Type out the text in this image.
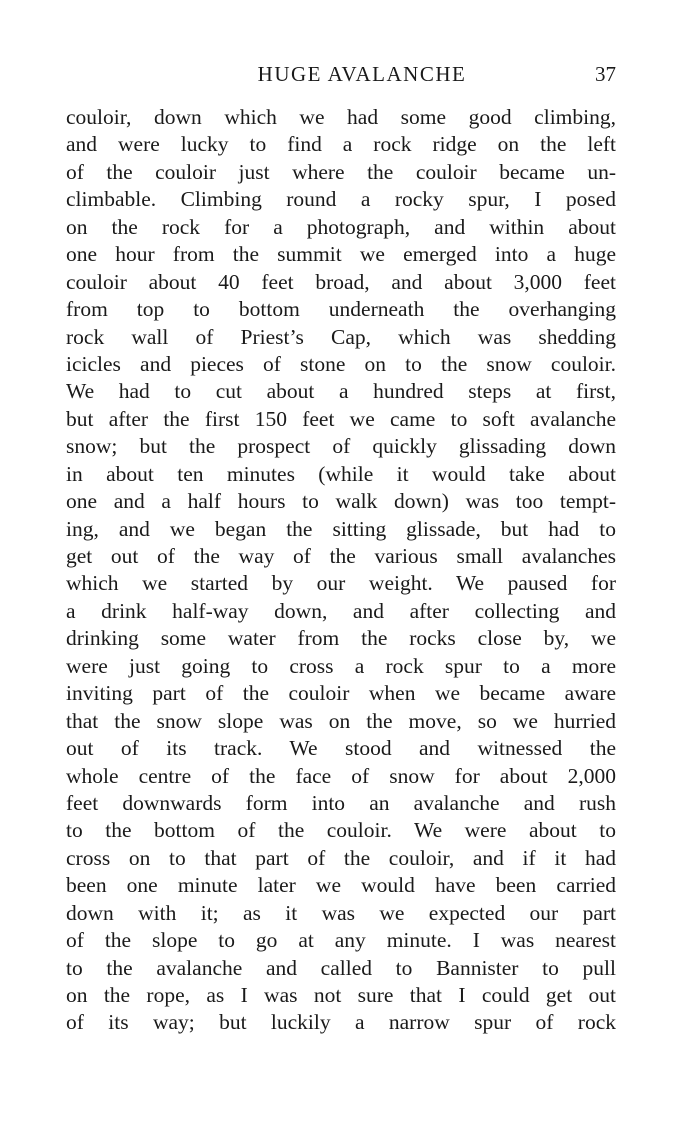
HUGE AVALANCHE	37
couloir, down which we had some good climbing,
and were lucky to find a rock ridge on the left
of the couloir just where the couloir became un-
climbable. Climbing round a rocky spur, I posed
on the rock for a photograph, and within about
one hour from the summit we emerged into a huge
couloir about 40 feet broad, and about 3,000 feet
from top to bottom underneath the overhanging
rock wall of Priest’s Cap, which was shedding
icicles and pieces of stone on to the snow couloir.
We had to cut about a hundred steps at first,
but after the first 150 feet we came to soft avalanche
snow; but the prospect of quickly glissading down
in about ten minutes (while it would take about
one and a half hours to walk down) was too tempt-
ing, and we began the sitting glissade, but had to
get out of the way of the various small avalanches
which we started by our weight. We paused for
a drink half-way down, and after collecting and
drinking some water from the rocks close by, we
were just going to cross a rock spur to a more
inviting part of the couloir when we became aware
that the snow slope was on the move, so we hurried
out of its track. We stood and witnessed the
whole centre of the face of snow for about 2,000
feet downwards form into an avalanche and rush
to the bottom of the couloir. We were about to
cross on to that part of the couloir, and if it had
been one minute later we would have been carried
down with it; as it was we expected our part
of the slope to go at any minute. I was nearest
to the avalanche and called to Bannister to pull
on the rope, as I was not sure that I could get out
of its way; but luckily a narrow spur of rock
